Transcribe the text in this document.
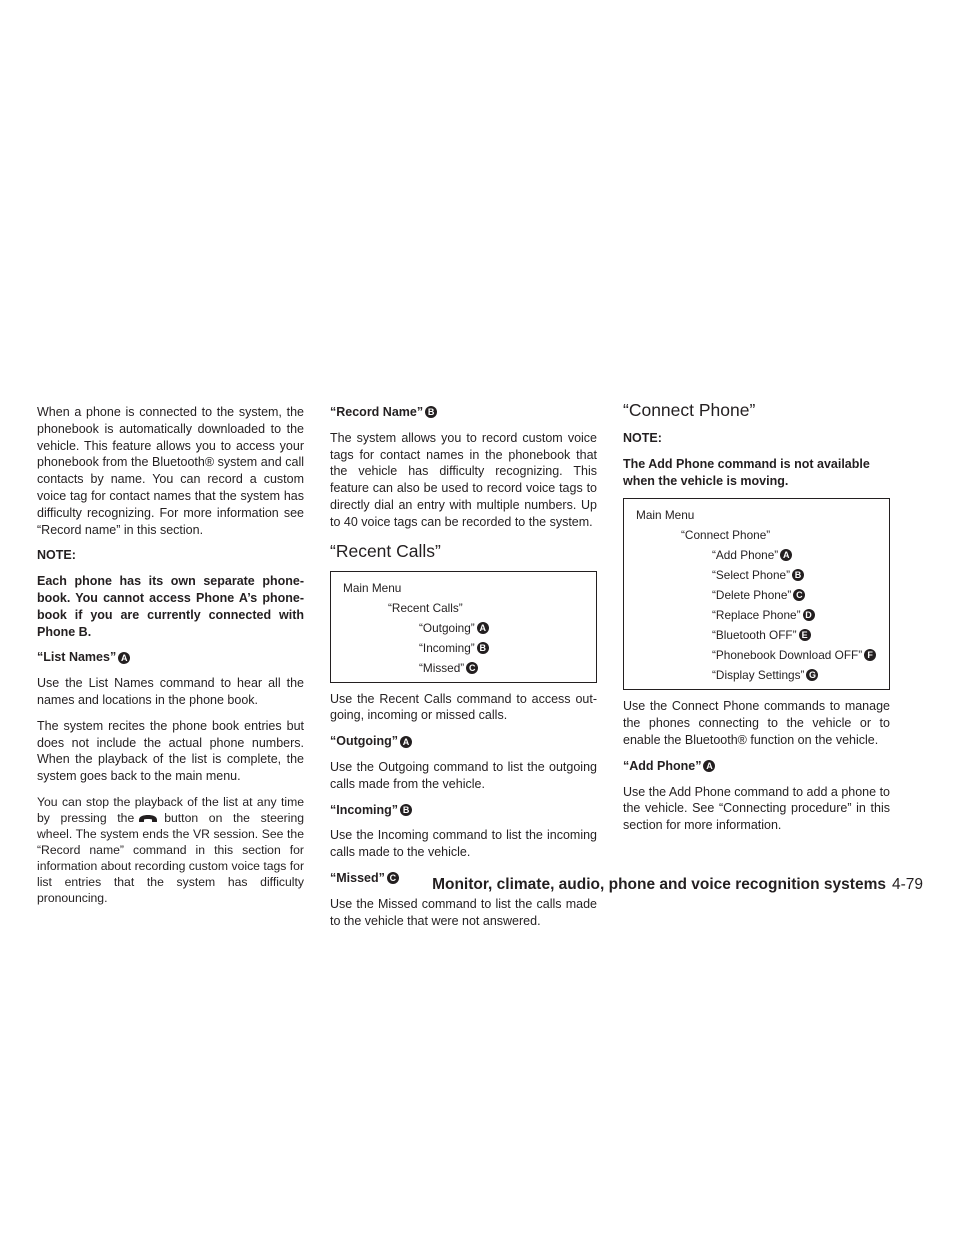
When a phone is connected to the system, the phonebook is automatically downloaded to the vehicle. This feature allows you to access your phonebook from the Bluetooth® system and call contacts by name. You can record a custom voice tag for contact names that the system has difficulty recognizing. For more information see “Record name” in this section.

NOTE:

Each phone has its own separate phone-book. You cannot access Phone A’s phone-book if you are currently connected with Phone B.

“List Names” A

Use the List Names command to hear all the names and locations in the phone book.

The system recites the phone book entries but does not include the actual phone numbers. When the playback of the list is complete, the system goes back to the main menu.

You can stop the playback of the list at any time by pressing the button on the steering wheel. The system ends the VR session. See the “Record name” command in this section for information about recording custom voice tags for list entries that the system has difficulty pronouncing.

“Record Name” B

The system allows you to record custom voice tags for contact names in the phonebook that the vehicle has difficulty recognizing. This feature can also be used to record voice tags to directly dial an entry with multiple numbers. Up to 40 voice tags can be recorded to the system.

“Recent Calls”
Main Menu
“Recent Calls”
“Outgoing” A
“Incoming” B
“Missed” C

Use the Recent Calls command to access out-going, incoming or missed calls.

“Outgoing” A

Use the Outgoing command to list the outgoing calls made from the vehicle.

“Incoming” B

Use the Incoming command to list the incoming calls made to the vehicle.

“Missed” C

Use the Missed command to list the calls made to the vehicle that were not answered.

“Connect Phone”

NOTE:

The Add Phone command is not available when the vehicle is moving.

Main Menu
“Connect Phone”
“Add Phone” A
“Select Phone” B
“Delete Phone” C
“Replace Phone” D
“Bluetooth OFF” E
“Phonebook Download OFF” F
“Display Settings” G

Use the Connect Phone commands to manage the phones connecting to the vehicle or to enable the Bluetooth® function on the vehicle.

“Add Phone” A

Use the Add Phone command to add a phone to the vehicle. See “Connecting procedure” in this section for more information.

Monitor, climate, audio, phone and voice recognition systems 4-79
